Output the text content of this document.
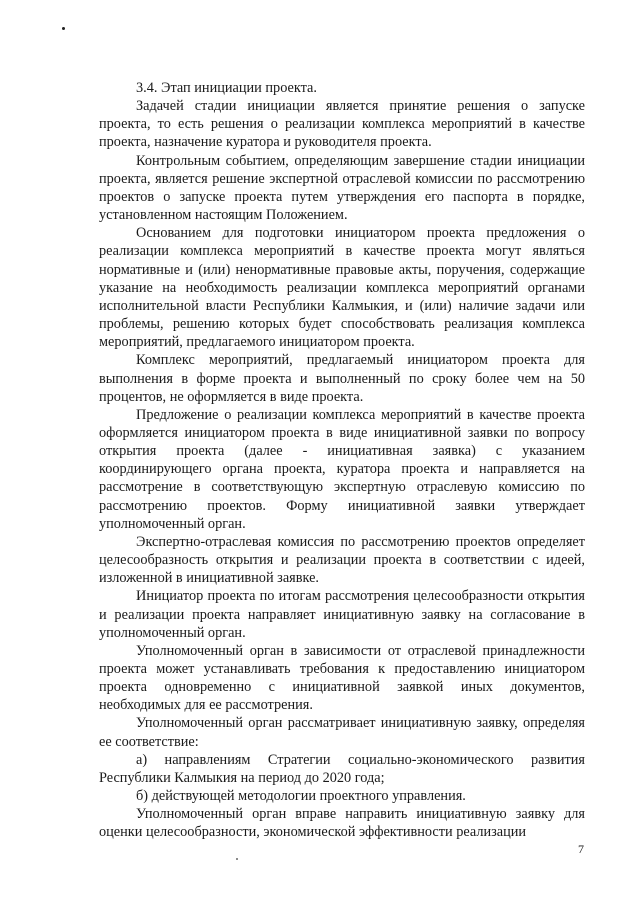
3.4. Этап инициации проекта.

Задачей стадии инициации является принятие решения о запуске проекта, то есть решения о реализации комплекса мероприятий в качестве проекта, назначение куратора и руководителя проекта.

Контрольным событием, определяющим завершение стадии инициации проекта, является решение экспертной отраслевой комиссии по рассмотрению проектов о запуске проекта путем утверждения его паспорта в порядке, установленном настоящим Положением.

Основанием для подготовки инициатором проекта предложения о реализации комплекса мероприятий в качестве проекта могут являться нормативные и (или) ненормативные правовые акты, поручения, содержащие указание на необходимость реализации комплекса мероприятий органами исполнительной власти Республики Калмыкия, и (или) наличие задачи или проблемы, решению которых будет способствовать реализация комплекса мероприятий, предлагаемого инициатором проекта.

Комплекс мероприятий, предлагаемый инициатором проекта для выполнения в форме проекта и выполненный по сроку более чем на 50 процентов, не оформляется в виде проекта.

Предложение о реализации комплекса мероприятий в качестве проекта оформляется инициатором проекта в виде инициативной заявки по вопросу открытия проекта (далее - инициативная заявка) с указанием координирующего органа проекта, куратора проекта и направляется на рассмотрение в соответствующую экспертную отраслевую комиссию по рассмотрению проектов. Форму инициативной заявки утверждает уполномоченный орган.

Экспертно-отраслевая комиссия по рассмотрению проектов определяет целесообразность открытия и реализации проекта в соответствии с идеей, изложенной в инициативной заявке.

Инициатор проекта по итогам рассмотрения целесообразности открытия и реализации проекта направляет инициативную заявку на согласование в уполномоченный орган.

Уполномоченный орган в зависимости от отраслевой принадлежности проекта может устанавливать требования к предоставлению инициатором проекта одновременно с инициативной заявкой иных документов, необходимых для ее рассмотрения.

Уполномоченный орган рассматривает инициативную заявку, определяя ее соответствие:

а) направлениям Стратегии социально-экономического развития Республики Калмыкия на период до 2020 года;

б) действующей методологии проектного управления.

Уполномоченный орган вправе направить инициативную заявку для оценки целесообразности, экономической эффективности реализации

7
